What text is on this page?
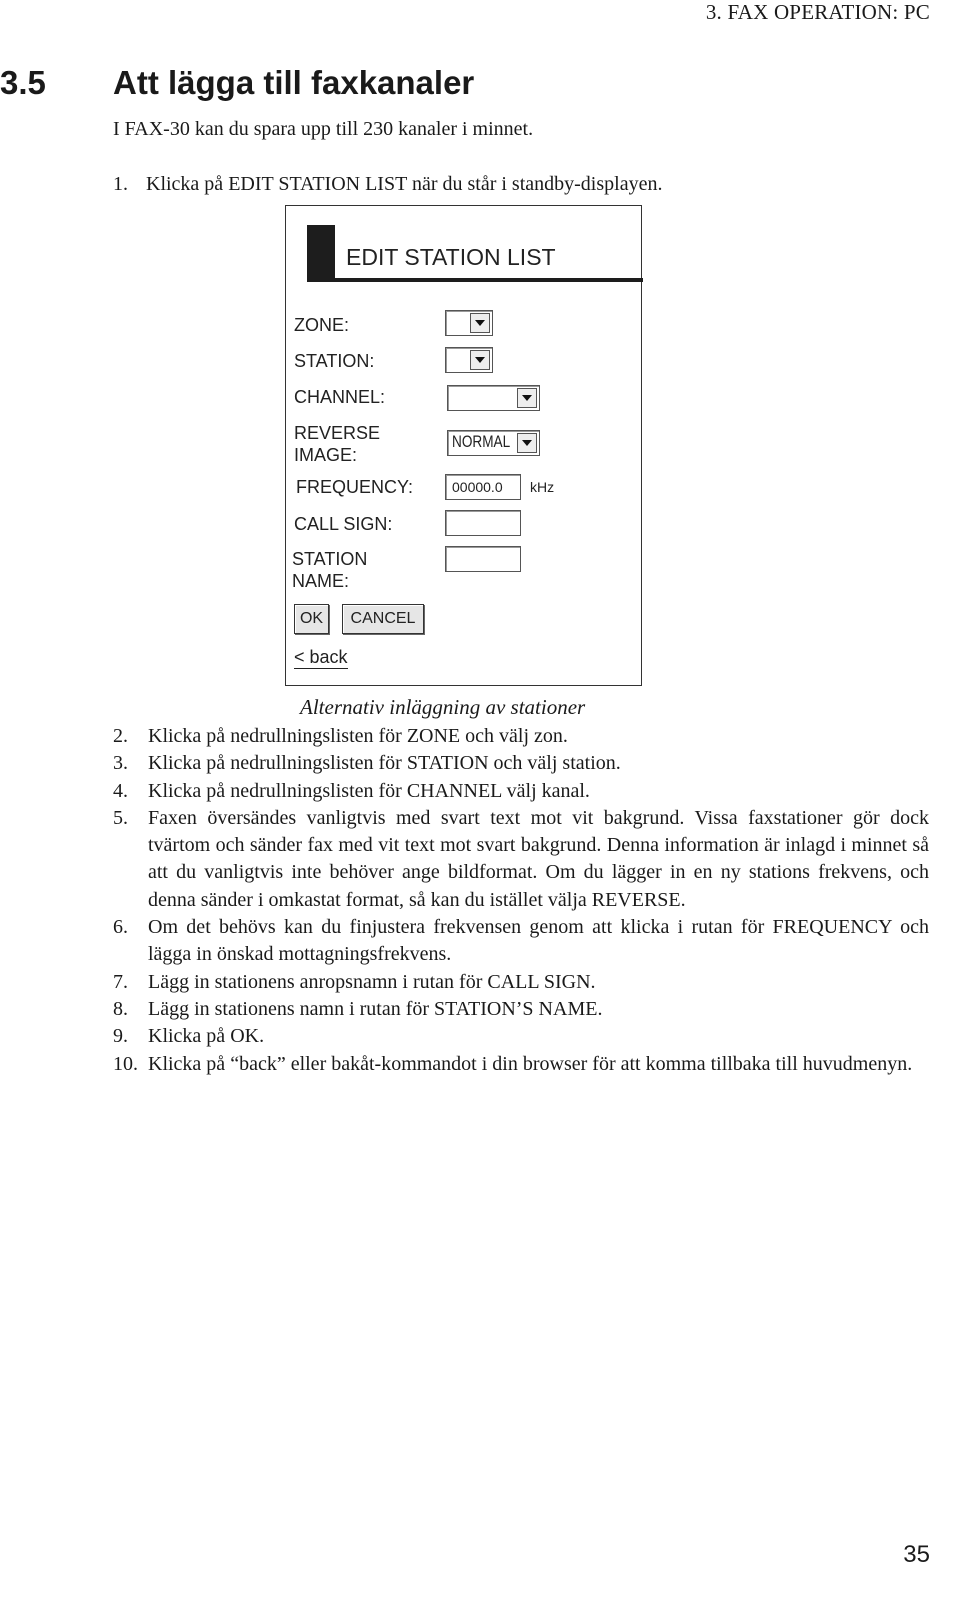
3. FAX OPERATION: PC
3.5 Att lägga till faxkanaler
I FAX-30 kan du spara upp till 230 kanaler i minnet.
1. Klicka på EDIT STATION LIST när du står i standby-displayen.
EDIT STATION LIST
ZONE:
STATION:
CHANNEL:
REVERSE
IMAGE:
NORMAL
FREQUENCY:	00000.0	kHz
CALL SIGN:
STATION
NAME:
OK	CANCEL
< back
Alternativ inläggning av stationer
2. Klicka på nedrullningslisten för ZONE och välj zon.
3. Klicka på nedrullningslisten för STATION och välj station.
4. Klicka på nedrullningslisten för CHANNEL välj kanal.
5. Faxen översändes vanligtvis med svart text mot vit bakgrund. Vissa faxstationer gör dock tvärtom och sänder fax med vit text mot svart bakgrund. Denna information är inlagd i minnet så att du vanligtvis inte behöver ange bildformat. Om du lägger in en ny stations frekvens, och denna sänder i omkastat format, så kan du istället välja REVERSE.
6. Om det behövs kan du finjustera frekvensen genom att klicka i rutan för FREQUENCY och lägga in önskad mottagningsfrekvens.
7. Lägg in stationens anropsnamn i rutan för CALL SIGN.
8. Lägg in stationens namn i rutan för STATION’S NAME.
9. Klicka på OK.
10. Klicka på “back” eller bakåt-kommandot i din browser för att komma tillbaka till huvudmenyn.
35
